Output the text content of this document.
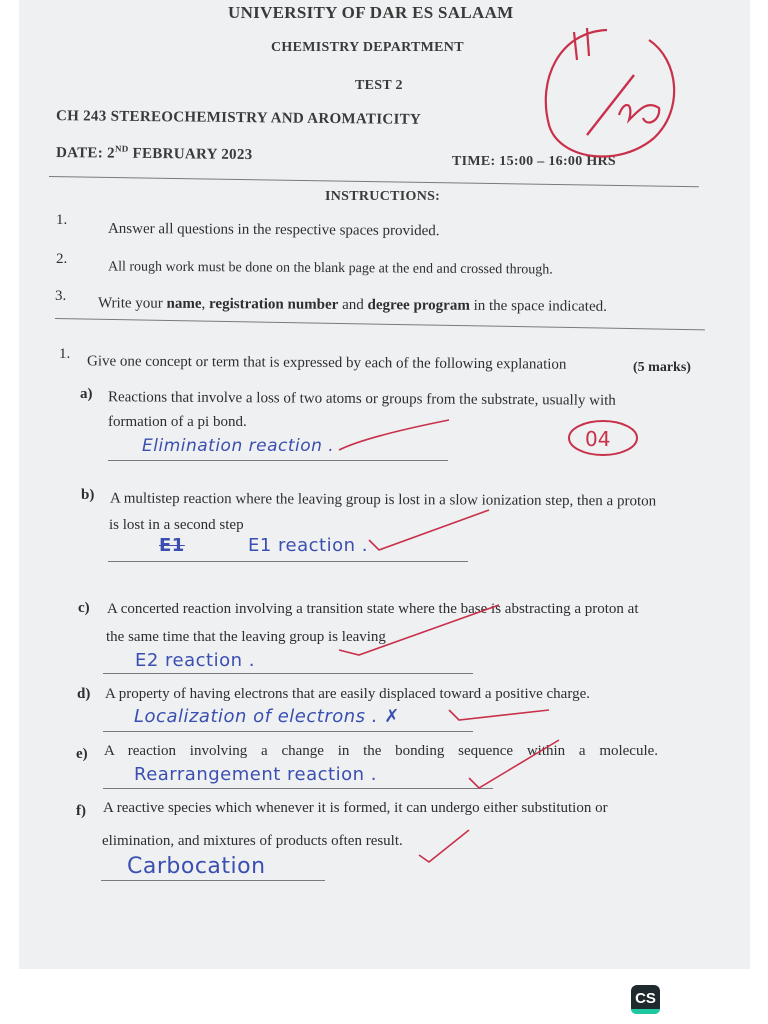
UNIVERSITY OF DAR ES SALAAM
CHEMISTRY DEPARTMENT
TEST 2
CH 243 STEREOCHEMISTRY AND AROMATICITY
DATE: 2ND FEBRUARY 2023	TIME: 15:00 – 16:00 HRS
INSTRUCTIONS:
1.
Answer all questions in the respective spaces provided.
2.
All rough work must be done on the blank page at the end and crossed through.
3. Write your name, registration number and degree program in the space indicated.
1. Give one concept or term that is expressed by each of the following explanation	(5 marks)
a) Reactions that involve a loss of two atoms or groups from the substrate, usually with
formation of a pi bond.
Elimination reaction .	04
b) A multistep reaction where the leaving group is lost in a slow ionization step, then a proton
is lost in a second step
E1	E1 reaction .
c) A concerted reaction involving a transition state where the base is abstracting a proton at
the same time that the leaving group is leaving
E2 reaction .
d) A property of having electrons that are easily displaced toward a positive charge.
Localization of electrons . ✗
e) A reaction involving a change in the bonding sequence within a molecule.
Rearrangement reaction .
f) A reactive species which whenever it is formed, it can undergo either substitution or
elimination, and mixtures of products often result.
Carbocation
CS
